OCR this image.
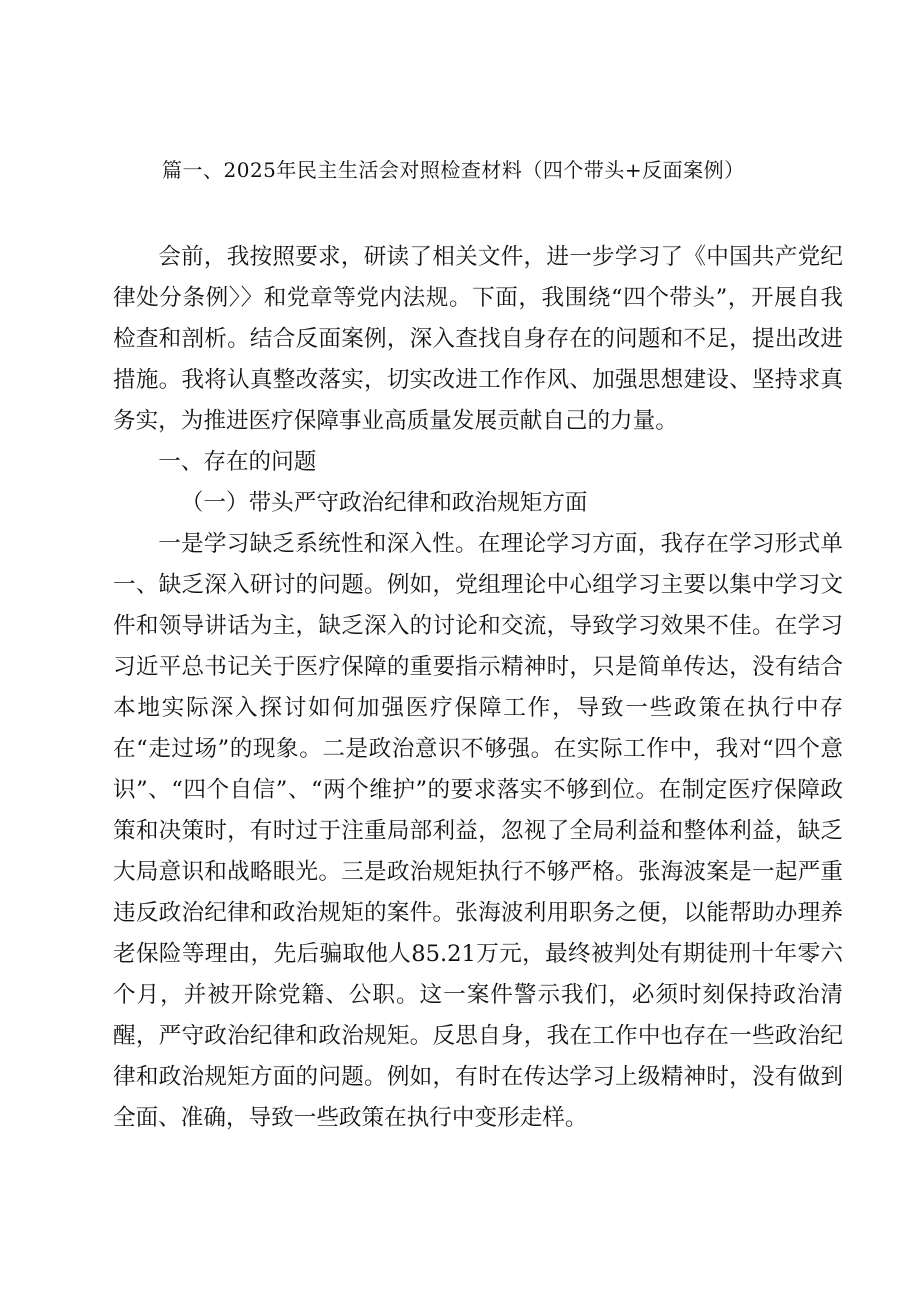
篇一、2025年民主生活会对照检查材料（四个带头+反面案例）

会前，我按照要求，研读了相关文件，进一步学习了《中国共产党纪律处分条例〉〉和党章等党内法规。下面，我围绕“四个带头”，开展自我检查和剖析。结合反面案例，深入查找自身存在的问题和不足，提出改进措施。我将认真整改落实，切实改进工作作风、加强思想建设、坚持求真务实，为推进医疗保障事业高质量发展贡献自己的力量。

一、存在的问题

（一）带头严守政治纪律和政治规矩方面

一是学习缺乏系统性和深入性。在理论学习方面，我存在学习形式单一、缺乏深入研讨的问题。例如，党组理论中心组学习主要以集中学习文件和领导讲话为主，缺乏深入的讨论和交流，导致学习效果不佳。在学习习近平总书记关于医疗保障的重要指示精神时，只是简单传达，没有结合本地实际深入探讨如何加强医疗保障工作，导致一些政策在执行中存在“走过场”的现象。二是政治意识不够强。在实际工作中，我对“四个意识”、“四个自信”、“两个维护”的要求落实不够到位。在制定医疗保障政策和决策时，有时过于注重局部利益，忽视了全局利益和整体利益，缺乏大局意识和战略眼光。三是政治规矩执行不够严格。张海波案是一起严重违反政治纪律和政治规矩的案件。张海波利用职务之便，以能帮助办理养老保险等理由，先后骗取他人85.21万元，最终被判处有期徒刑十年零六个月，并被开除党籍、公职。这一案件警示我们，必须时刻保持政治清醒，严守政治纪律和政治规矩。反思自身，我在工作中也存在一些政治纪律和政治规矩方面的问题。例如，有时在传达学习上级精神时，没有做到全面、准确，导致一些政策在执行中变形走样。
